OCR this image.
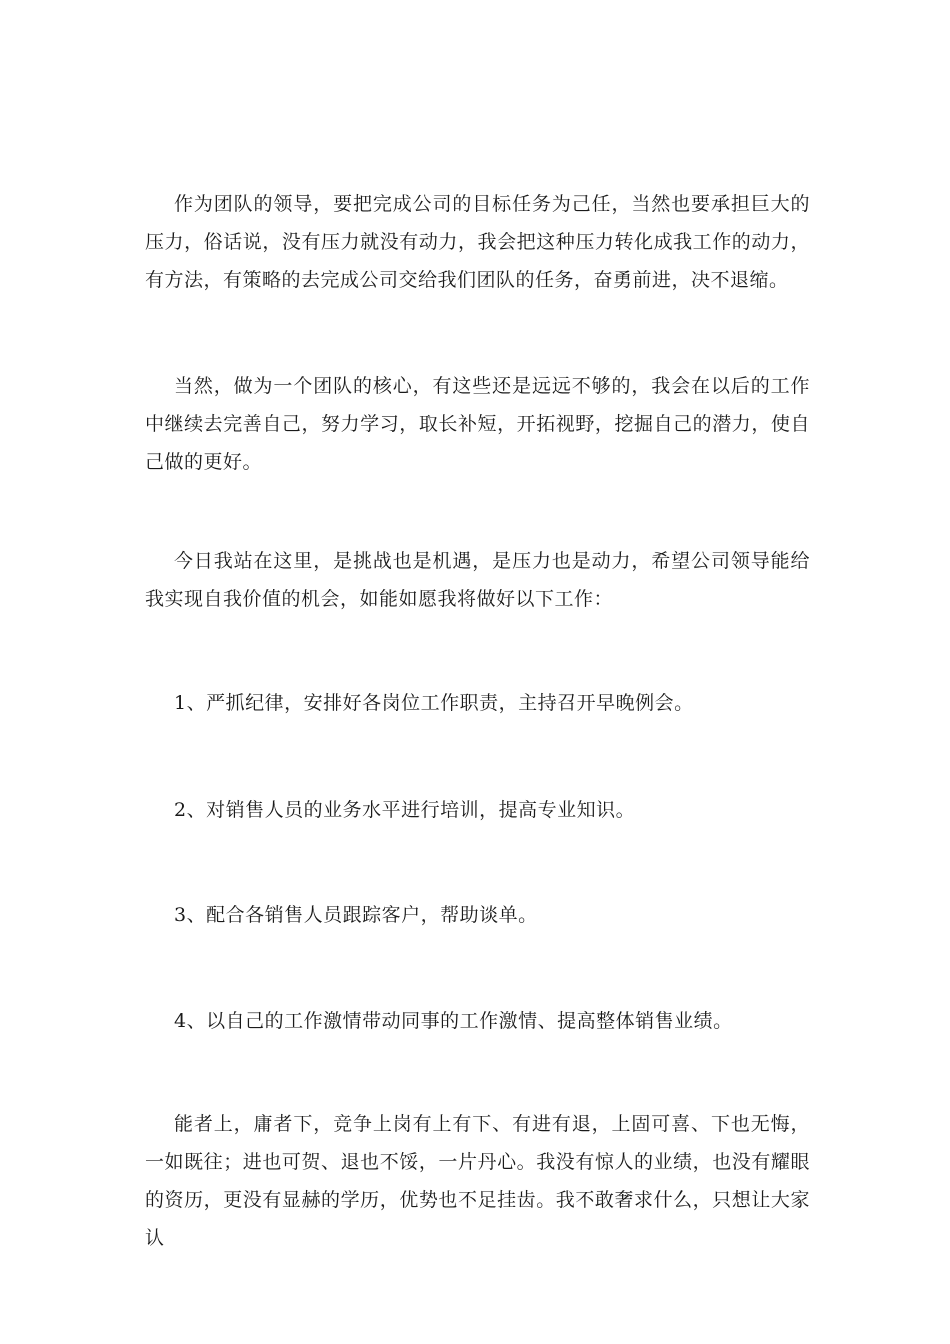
作为团队的领导，要把完成公司的目标任务为己任，当然也要承担巨大的压力，俗话说，没有压力就没有动力，我会把这种压力转化成我工作的动力，有方法，有策略的去完成公司交给我们团队的任务，奋勇前进，决不退缩。

当然，做为一个团队的核心，有这些还是远远不够的，我会在以后的工作中继续去完善自己，努力学习，取长补短，开拓视野，挖掘自己的潜力，使自己做的更好。

今日我站在这里，是挑战也是机遇，是压力也是动力，希望公司领导能给我实现自我价值的机会，如能如愿我将做好以下工作：

1、严抓纪律，安排好各岗位工作职责，主持召开早晚例会。

2、对销售人员的业务水平进行培训，提高专业知识。

3、配合各销售人员跟踪客户，帮助谈单。

4、以自己的工作激情带动同事的工作激情、提高整体销售业绩。

能者上，庸者下，竞争上岗有上有下、有进有退，上固可喜、下也无悔，一如既往；进也可贺、退也不馁，一片丹心。我没有惊人的业绩，也没有耀眼的资历，更没有显赫的学历，优势也不足挂齿。我不敢奢求什么，只想让大家认
